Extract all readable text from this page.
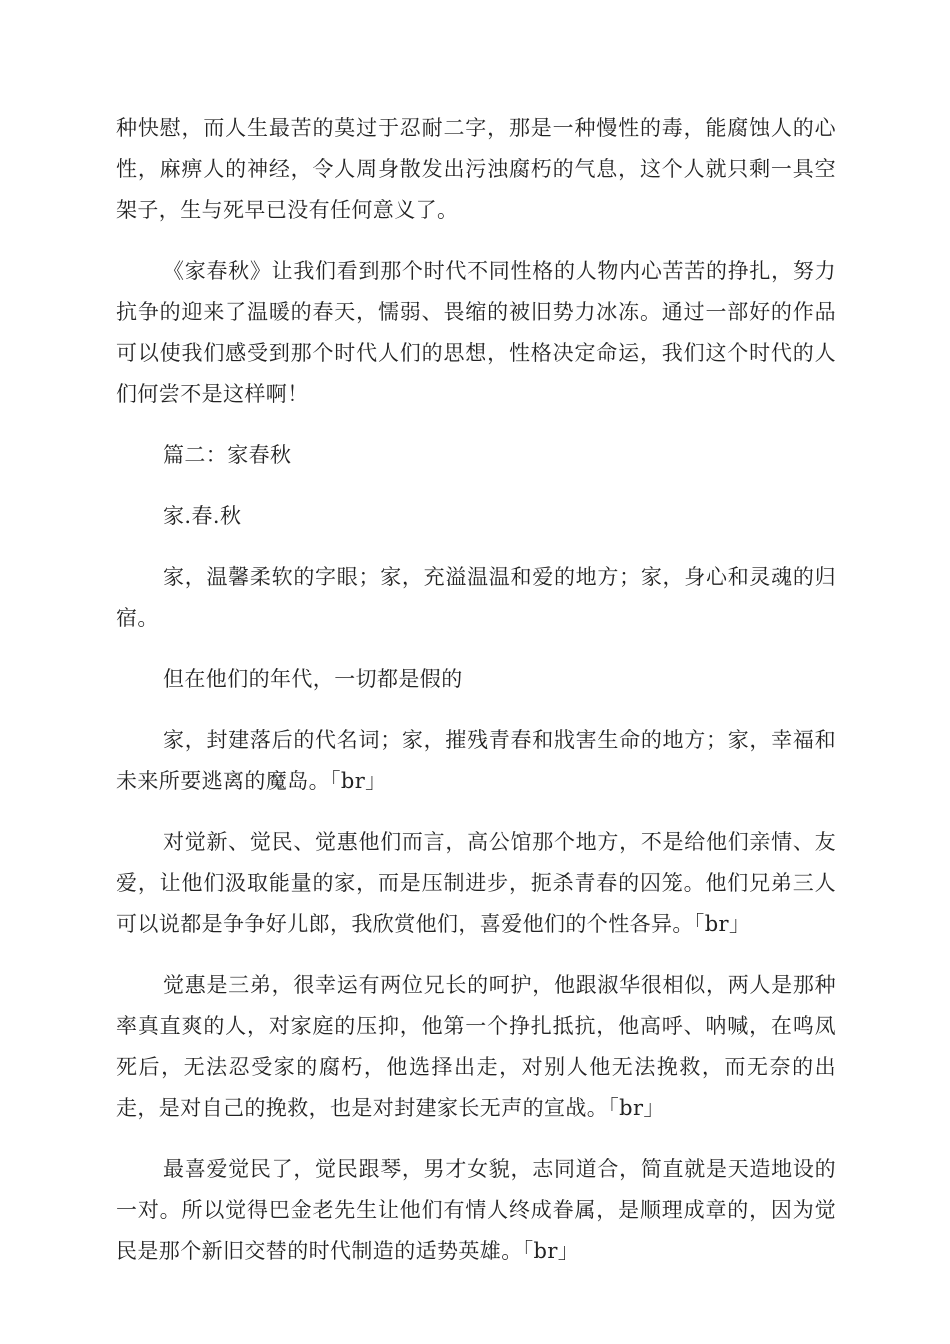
种快慰，而人生最苦的莫过于忍耐二字，那是一种慢性的毒，能腐蚀人的心性，麻痹人的神经，令人周身散发出污浊腐朽的气息，这个人就只剩一具空架子，生与死早已没有任何意义了。

《家春秋》让我们看到那个时代不同性格的人物内心苦苦的挣扎，努力抗争的迎来了温暖的春天，懦弱、畏缩的被旧势力冰冻。通过一部好的作品可以使我们感受到那个时代人们的思想，性格决定命运，我们这个时代的人们何尝不是这样啊！

篇二：家春秋

家.春.秋

家，温馨柔软的字眼；家，充溢温温和爱的地方；家，身心和灵魂的归宿。

但在他们的年代，一切都是假的

家，封建落后的代名词；家，摧残青春和戕害生命的地方；家，幸福和未来所要逃离的魔岛。「br」

对觉新、觉民、觉惠他们而言，高公馆那个地方，不是给他们亲情、友爱，让他们汲取能量的家，而是压制进步，扼杀青春的囚笼。他们兄弟三人可以说都是争争好儿郎，我欣赏他们，喜爱他们的个性各异。「br」

觉惠是三弟，很幸运有两位兄长的呵护，他跟淑华很相似，两人是那种率真直爽的人，对家庭的压抑，他第一个挣扎抵抗，他高呼、呐喊，在鸣凤死后，无法忍受家的腐朽，他选择出走，对别人他无法挽救，而无奈的出走，是对自己的挽救，也是对封建家长无声的宣战。「br」

最喜爱觉民了，觉民跟琴，男才女貌，志同道合，简直就是天造地设的一对。所以觉得巴金老先生让他们有情人终成眷属，是顺理成章的，因为觉民是那个新旧交替的时代制造的适势英雄。「br」
